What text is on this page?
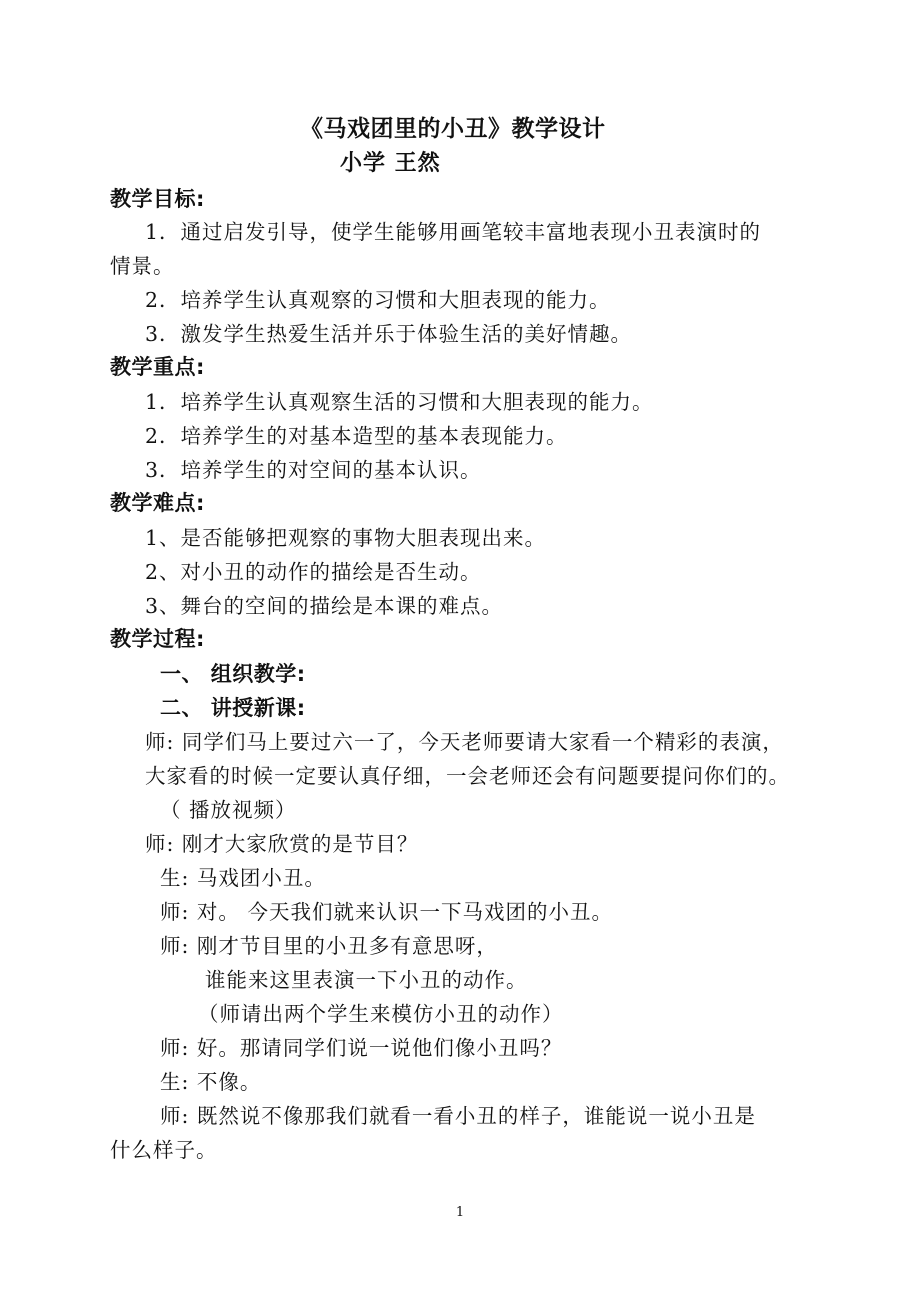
《马戏团里的小丑》教学设计
小学 王然
教学目标:
1．通过启发引导，使学生能够用画笔较丰富地表现小丑表演时的
情景。
2．培养学生认真观察的习惯和大胆表现的能力。
3．激发学生热爱生活并乐于体验生活的美好情趣。
教学重点:
1．培养学生认真观察生活的习惯和大胆表现的能力。
2．培养学生的对基本造型的基本表现能力。
3．培养学生的对空间的基本认识。
教学难点:
1、是否能够把观察的事物大胆表现出来。
2、对小丑的动作的描绘是否生动。
3、舞台的空间的描绘是本课的难点。
教学过程:
一、 组织教学:
二、 讲授新课:
师: 同学们马上要过六一了，今天老师要请大家看一个精彩的表演，
大家看的时候一定要认真仔细，一会老师还会有问题要提问你们的。
（ 播放视频）
师: 刚才大家欣赏的是节目？
生: 马戏团小丑。
师: 对。 今天我们就来认识一下马戏团的小丑。
师: 刚才节目里的小丑多有意思呀，
谁能来这里表演一下小丑的动作。
（师请出两个学生来模仿小丑的动作）
师: 好。那请同学们说一说他们像小丑吗？
生: 不像。
师: 既然说不像那我们就看一看小丑的样子，谁能说一说小丑是
什么样子。
1
